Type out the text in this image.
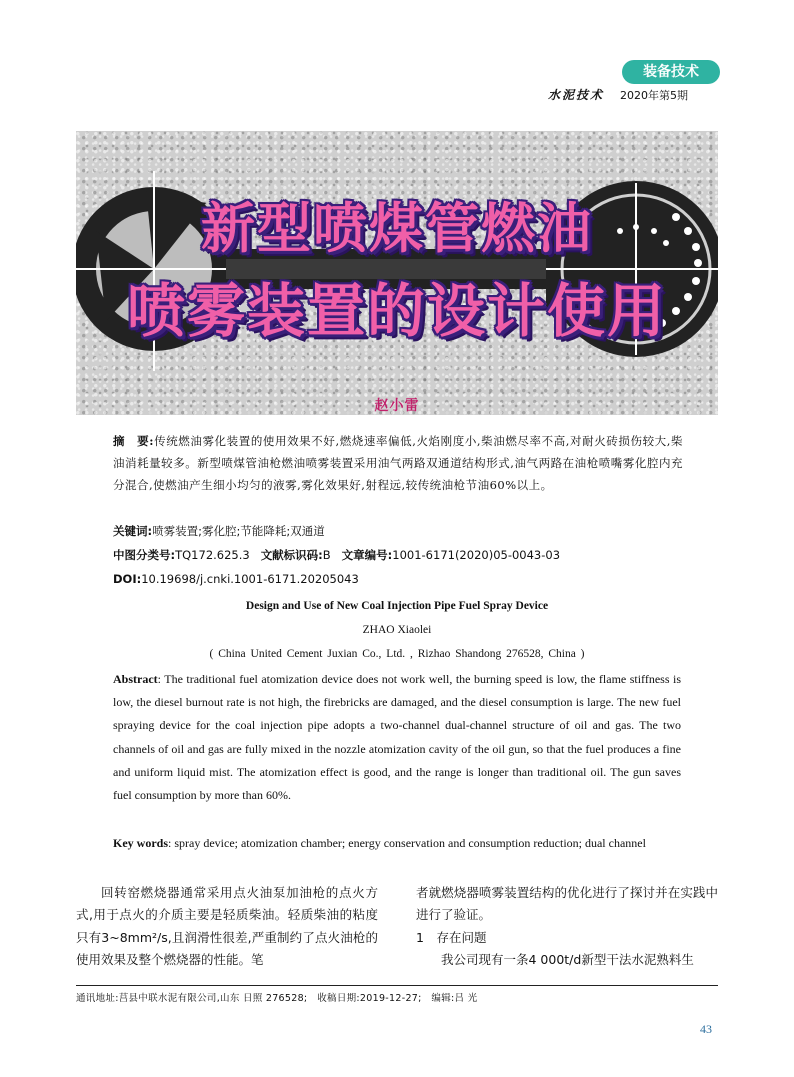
装备技术
水泥技术 2020年第5期
新型喷煤管燃油
喷雾装置的设计使用
赵小雷
摘　要:传统燃油雾化装置的使用效果不好,燃烧速率偏低,火焰刚度小,柴油燃尽率不高,对耐火砖损伤较大,柴油消耗量较多。新型喷煤管油枪燃油喷雾装置采用油气两路双通道结构形式,油气两路在油枪喷嘴雾化腔内充分混合,使燃油产生细小均匀的液雾,雾化效果好,射程远,较传统油枪节油60%以上。
关键词:喷雾装置;雾化腔;节能降耗;双通道
中图分类号:TQ172.625.3 文献标识码:B 文章编号:1001-6171(2020)05-0043-03
DOI:10.19698/j.cnki.1001-6171.20205043
Design and Use of New Coal Injection Pipe Fuel Spray Device
ZHAO Xiaolei
( China United Cement Juxian Co., Ltd. , Rizhao Shandong 276528, China )
Abstract: The traditional fuel atomization device does not work well, the burning speed is low, the flame stiffness is low, the diesel burnout rate is not high, the firebricks are damaged, and the diesel consumption is large. The new fuel spraying device for the coal injection pipe adopts a two-channel dual-channel structure of oil and gas. The two channels of oil and gas are fully mixed in the nozzle atomization cavity of the oil gun, so that the fuel produces a fine and uniform liquid mist. The atomization effect is good, and the range is longer than traditional oil. The gun saves fuel consumption by more than 60%.
Key words: spray device; atomization chamber; energy conservation and consumption reduction; dual channel
回转窑燃烧器通常采用点火油泵加油枪的点火方式,用于点火的介质主要是轻质柴油。轻质柴油的粘度只有3~8mm²/s,且润滑性很差,严重制约了点火油枪的使用效果及整个燃烧器的性能。笔
者就燃烧器喷雾装置结构的优化进行了探讨并在实践中进行了验证。
1　存在问题
我公司现有一条4 000t/d新型干法水泥熟料生
通讯地址:莒县中联水泥有限公司,山东 日照 276528;　收稿日期:2019-12-27;　编辑:吕 光
43
